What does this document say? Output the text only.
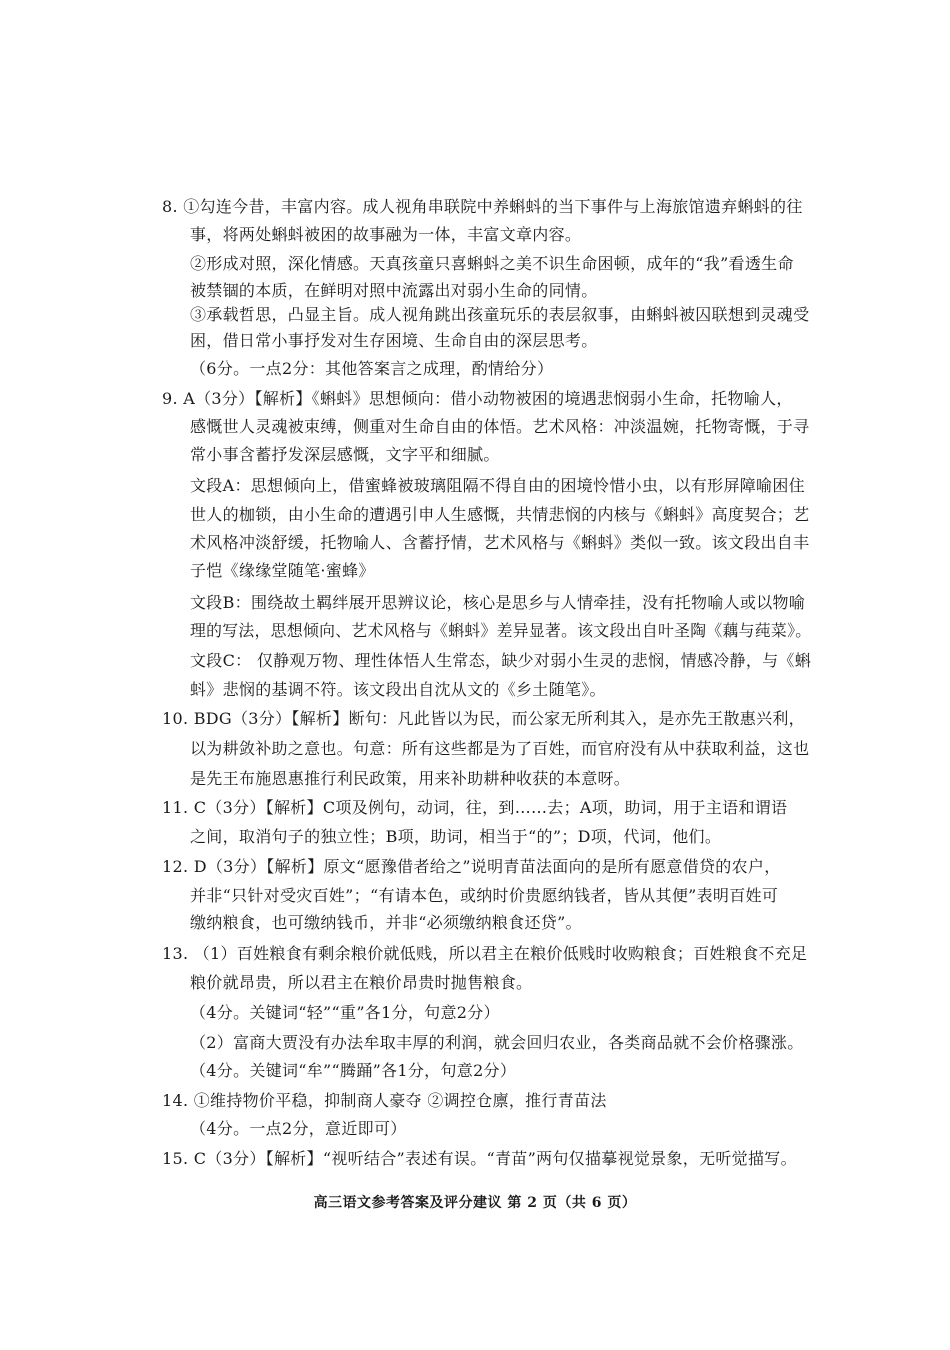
8. ①勾连今昔，丰富内容。成人视角串联院中养蝌蚪的当下事件与上海旅馆遗弃蝌蚪的往
事，将两处蝌蚪被困的故事融为一体，丰富文章内容。
②形成对照，深化情感。天真孩童只喜蝌蚪之美不识生命困顿，成年的“我”看透生命
被禁锢的本质，在鲜明对照中流露出对弱小生命的同情。
③承载哲思，凸显主旨。成人视角跳出孩童玩乐的表层叙事，由蝌蚪被囚联想到灵魂受
困，借日常小事抒发对生存困境、生命自由的深层思考。
（6分。一点2分：其他答案言之成理，酌情给分）
9. A（3分）【解析】《蝌蚪》思想倾向：借小动物被困的境遇悲悯弱小生命，托物喻人，
感慨世人灵魂被束缚，侧重对生命自由的体悟。艺术风格：冲淡温婉，托物寄慨，于寻
常小事含蓄抒发深层感慨，文字平和细腻。
文段A：思想倾向上，借蜜蜂被玻璃阻隔不得自由的困境怜惜小虫，以有形屏障喻困住
世人的枷锁，由小生命的遭遇引申人生感慨，共情悲悯的内核与《蝌蚪》高度契合；艺
术风格冲淡舒缓，托物喻人、含蓄抒情，艺术风格与《蝌蚪》类似一致。该文段出自丰
子恺《缘缘堂随笔·蜜蜂》
文段B：围绕故土羁绊展开思辨议论，核心是思乡与人情牵挂，没有托物喻人或以物喻
理的写法，思想倾向、艺术风格与《蝌蚪》差异显著。该文段出自叶圣陶《藕与莼菜》。
文段C： 仅静观万物、理性体悟人生常态，缺少对弱小生灵的悲悯，情感冷静，与《蝌
蚪》悲悯的基调不符。该文段出自沈从文的《乡土随笔》。
10. BDG（3分）【解析】断句：凡此皆以为民，而公家无所利其入，是亦先王散惠兴利，
以为耕敛补助之意也。句意：所有这些都是为了百姓，而官府没有从中获取利益，这也
是先王布施恩惠推行利民政策，用来补助耕种收获的本意呀。
11. C（3分）【解析】C项及例句，动词，往，到……去；A项，助词，用于主语和谓语
之间，取消句子的独立性；B项，助词，相当于“的”；D项，代词，他们。
12. D（3分）【解析】原文“愿豫借者给之”说明青苗法面向的是所有愿意借贷的农户，
并非“只针对受灾百姓”；“有请本色，或纳时价贵愿纳钱者，皆从其便”表明百姓可
缴纳粮食，也可缴纳钱币，并非“必须缴纳粮食还贷”。
13. （1）百姓粮食有剩余粮价就低贱，所以君主在粮价低贱时收购粮食；百姓粮食不充足
粮价就昂贵，所以君主在粮价昂贵时抛售粮食。
（4分。关键词“轻”“重”各1分，句意2分）
（2）富商大贾没有办法牟取丰厚的利润，就会回归农业，各类商品就不会价格骤涨。
（4分。关键词“牟”“腾踊”各1分，句意2分）
14. ①维持物价平稳，抑制商人豪夺 ②调控仓廪，推行青苗法
（4分。一点2分，意近即可）
15. C（3分）【解析】“视听结合”表述有误。“青苗”两句仅描摹视觉景象，无听觉描写。
高三语文参考答案及评分建议 第 2 页（共 6 页）
